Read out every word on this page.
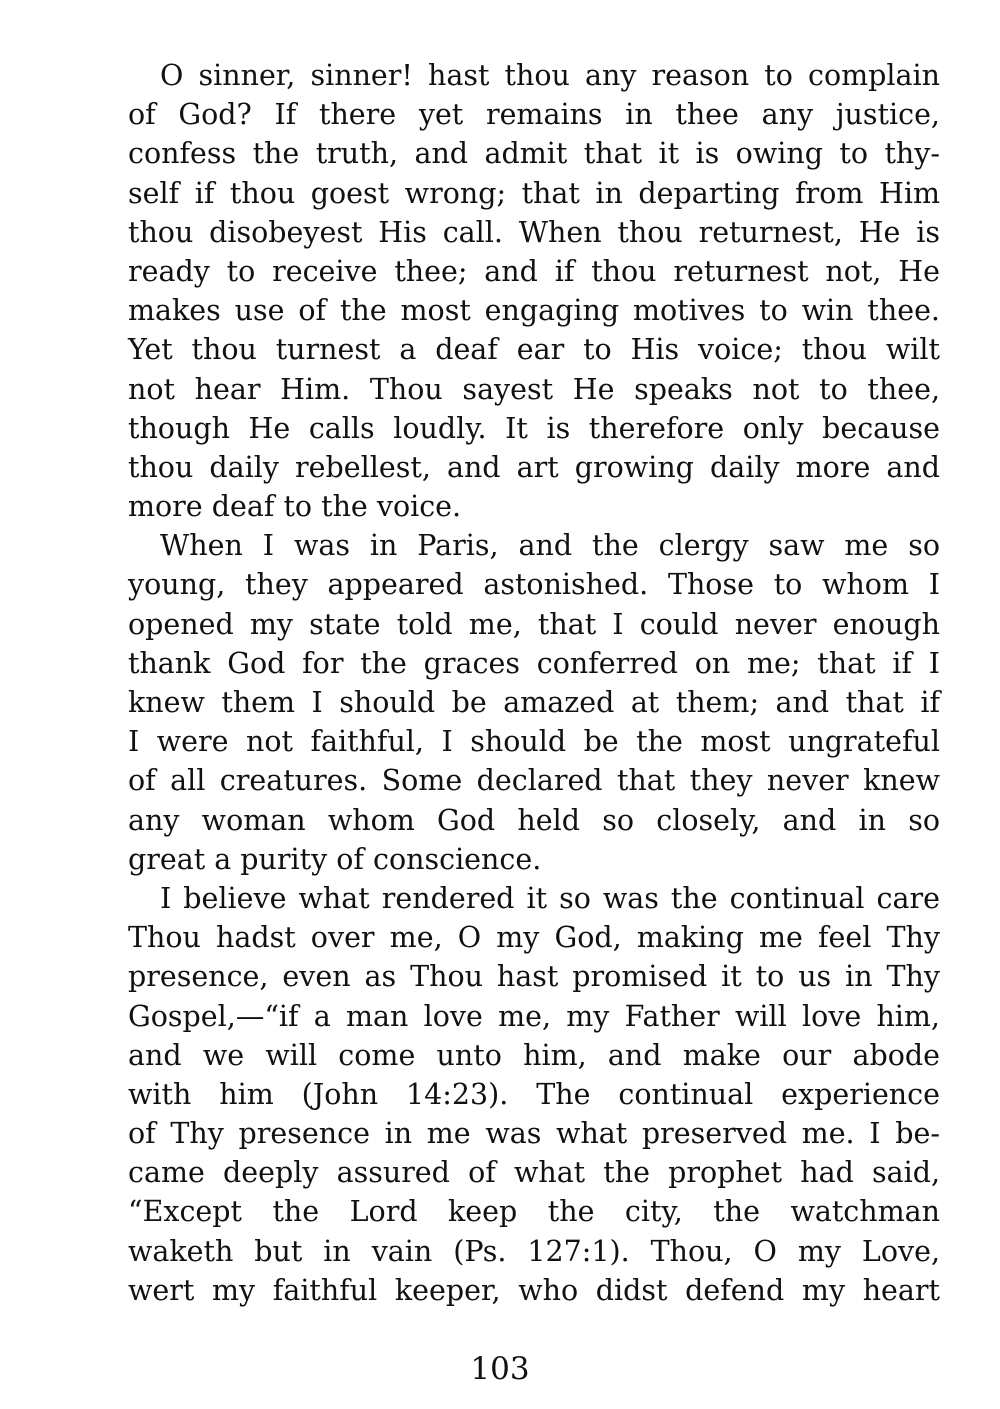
O sinner, sinner! hast thou any reason to complain
of God? If there yet remains in thee any justice,
confess the truth, and admit that it is owing to thy-
self if thou goest wrong; that in departing from Him
thou disobeyest His call. When thou returnest, He is
ready to receive thee; and if thou returnest not, He
makes use of the most engaging motives to win thee.
Yet thou turnest a deaf ear to His voice; thou wilt
not hear Him. Thou sayest He speaks not to thee,
though He calls loudly. It is therefore only because
thou daily rebellest, and art growing daily more and
more deaf to the voice.
When I was in Paris, and the clergy saw me so
young, they appeared astonished. Those to whom I
opened my state told me, that I could never enough
thank God for the graces conferred on me; that if I
knew them I should be amazed at them; and that if
I were not faithful, I should be the most ungrateful
of all creatures. Some declared that they never knew
any woman whom God held so closely, and in so
great a purity of conscience.
I believe what rendered it so was the continual care
Thou hadst over me, O my God, making me feel Thy
presence, even as Thou hast promised it to us in Thy
Gospel,—“if a man love me, my Father will love him,
and we will come unto him, and make our abode
with him (John 14:23). The continual experience
of Thy presence in me was what preserved me. I be-
came deeply assured of what the prophet had said,
“Except the Lord keep the city, the watchman
waketh but in vain (Ps. 127:1). Thou, O my Love,
wert my faithful keeper, who didst defend my heart
103
